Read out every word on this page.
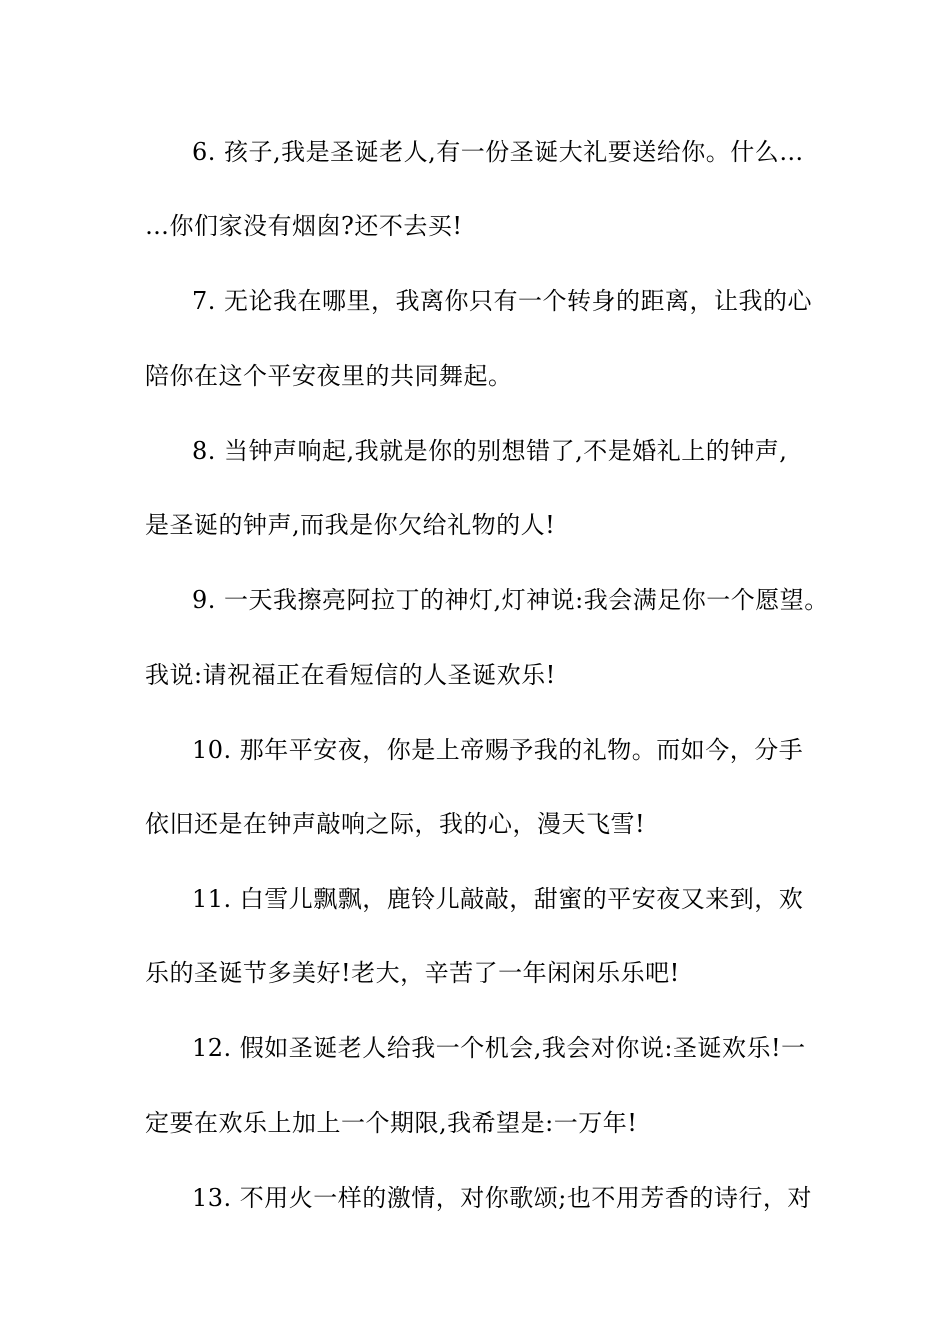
6. 孩子,我是圣诞老人,有一份圣诞大礼要送给你。什么…
…你们家没有烟囱?还不去买!
7. 无论我在哪里，我离你只有一个转身的距离，让我的心
陪你在这个平安夜里的共同舞起。
8. 当钟声响起,我就是你的别想错了,不是婚礼上的钟声,
是圣诞的钟声,而我是你欠给礼物的人!
9. 一天我擦亮阿拉丁的神灯,灯神说:我会满足你一个愿望。
我说:请祝福正在看短信的人圣诞欢乐!
10. 那年平安夜，你是上帝赐予我的礼物。而如今，分手
依旧还是在钟声敲响之际，我的心，漫天飞雪!
11. 白雪儿飘飘，鹿铃儿敲敲，甜蜜的平安夜又来到，欢
乐的圣诞节多美好!老大，辛苦了一年闲闲乐乐吧!
12. 假如圣诞老人给我一个机会,我会对你说:圣诞欢乐!一
定要在欢乐上加上一个期限,我希望是:一万年!
13. 不用火一样的激情，对你歌颂;也不用芳香的诗行，对
